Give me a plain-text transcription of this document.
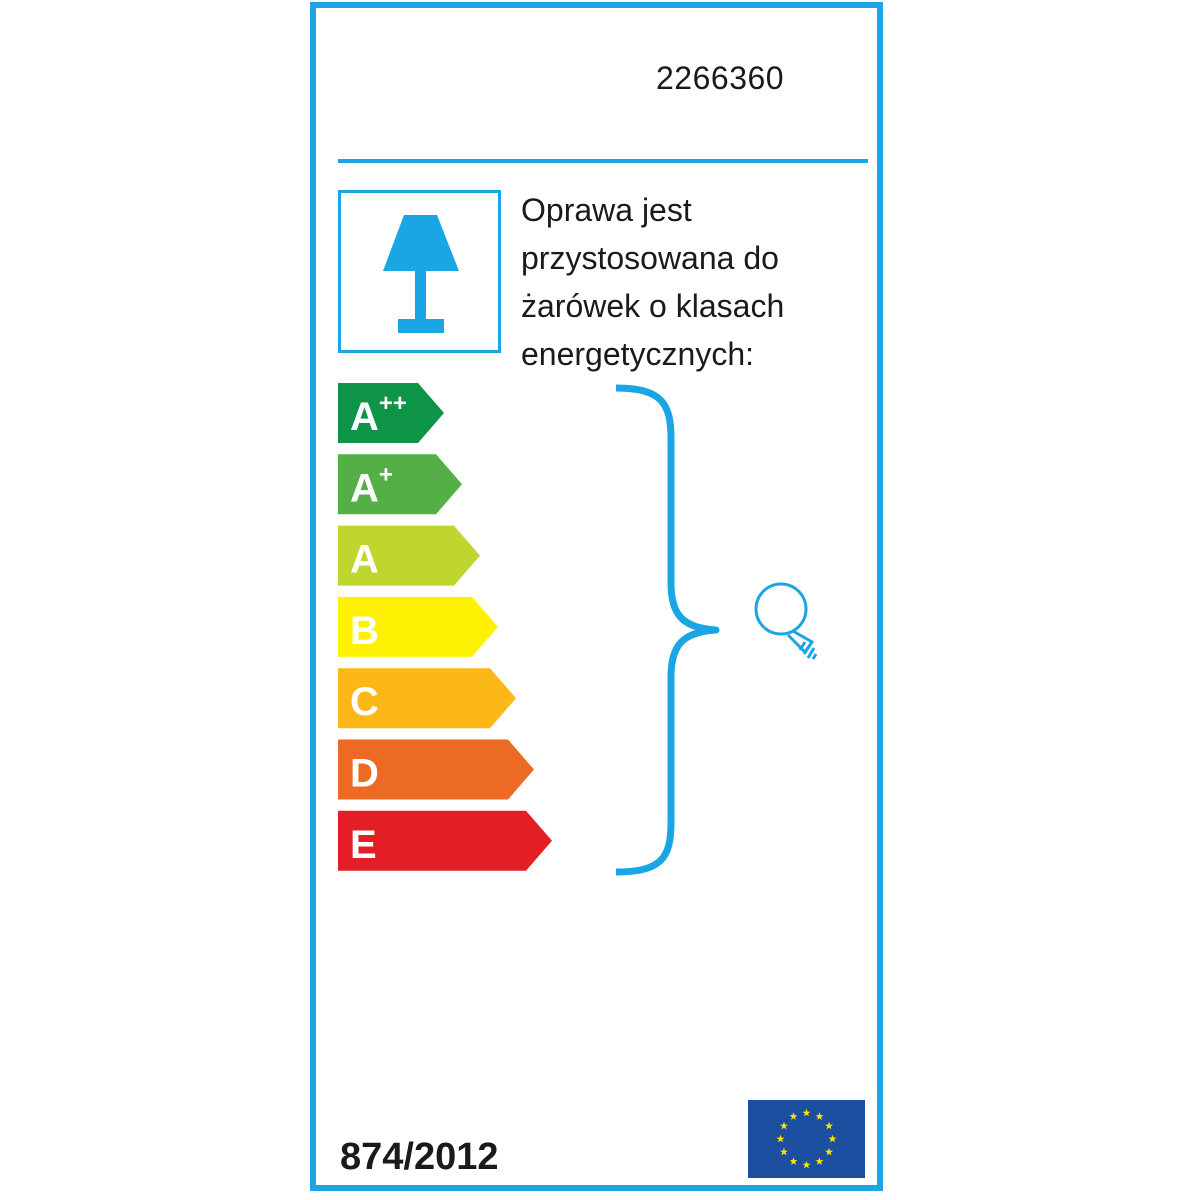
2266360

Oprawa jest przystosowana do żarówek o klasach energetycznych:

A++
A+
A
B
C
D
E
874/2012
